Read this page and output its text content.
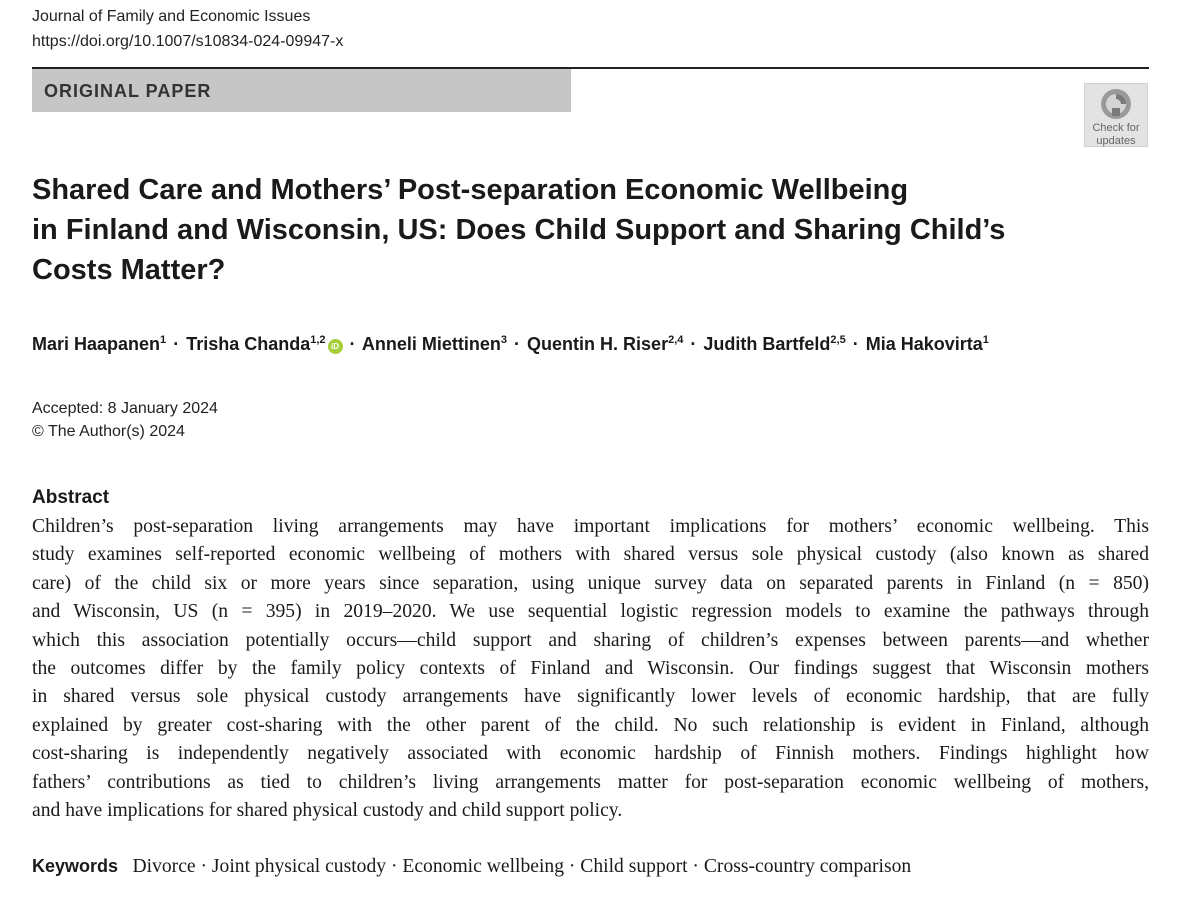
Journal of Family and Economic Issues
https://doi.org/10.1007/s10834-024-09947-x
ORIGINAL PAPER
Check for
updates
Shared Care and Mothers’ Post-separation Economic Wellbeing
in Finland and Wisconsin, US: Does Child Support and Sharing Child’s
Costs Matter?
Mari Haapanen$^1$ · Trisha Chanda$^{1,2}$iD · Anneli Miettinen$^3$ · Quentin H. Riser$^{2,4}$ · Judith Bartfeld$^{2,5}$ · Mia Hakovirta$^1$
Accepted: 8 January 2024
© The Author(s) 2024
Abstract
Children’s post-separation living arrangements may have important implications for mothers’ economic wellbeing. This
study examines self-reported economic wellbeing of mothers with shared versus sole physical custody (also known as shared
care) of the child six or more years since separation, using unique survey data on separated parents in Finland (n = 850)
and Wisconsin, US (n = 395) in 2019–2020. We use sequential logistic regression models to examine the pathways through
which this association potentially occurs—child support and sharing of children’s expenses between parents—and whether
the outcomes differ by the family policy contexts of Finland and Wisconsin. Our findings suggest that Wisconsin mothers
in shared versus sole physical custody arrangements have significantly lower levels of economic hardship, that are fully
explained by greater cost-sharing with the other parent of the child. No such relationship is evident in Finland, although
cost-sharing is independently negatively associated with economic hardship of Finnish mothers. Findings highlight how
fathers’ contributions as tied to children’s living arrangements matter for post-separation economic wellbeing of mothers,
and have implications for shared physical custody and child support policy.
Keywords Divorce · Joint physical custody · Economic wellbeing · Child support · Cross-country comparison
